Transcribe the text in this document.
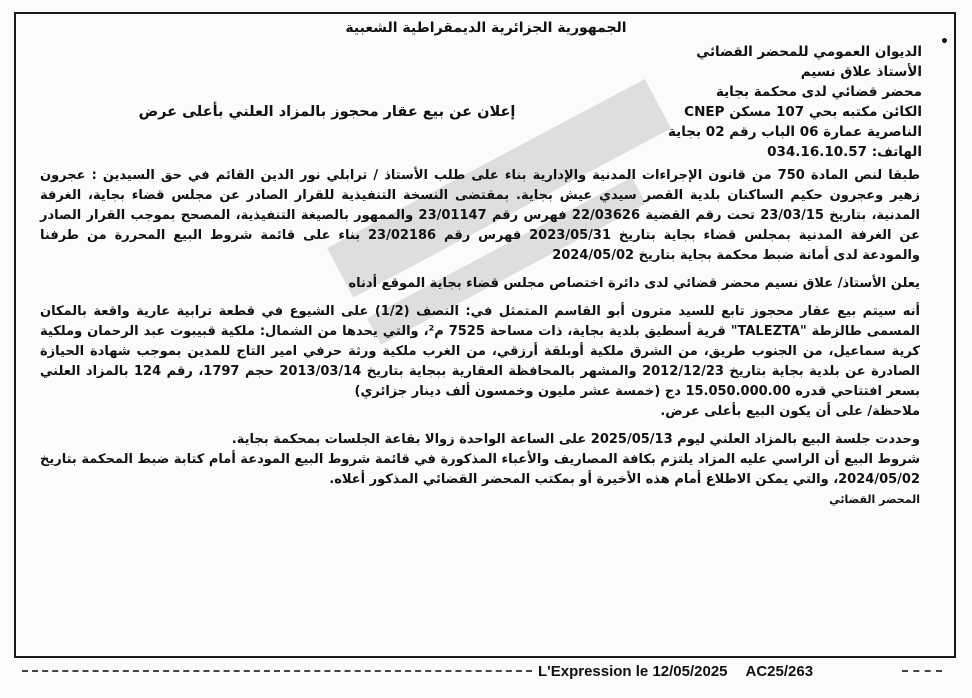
•
الجمهورية الجزائرية الديمقراطية الشعبية
الديوان العمومي للمحضر القضائي
الأستاذ علاق نسيم
محضر قضائي لدى محكمة بجاية
الكائن مكتبه بحي 107 مسكن CNEP
الناصرية عمارة 06 الباب رقم 02 بجاية
الهاتف: 034.16.10.57
إعلان عن بيع عقار محجوز بالمزاد العلني بأعلى عرض

طبقا لنص المادة 750 من قانون الإجراءات المدنية والإدارية بناء على طلب الأستاذ / ترابلي نور الدين القائم في حق السيدين : عجرون زهير وعجرون حكيم الساكنان بلدية القصر سيدي عيش بجاية. بمقتضى النسخة التنفيذية للقرار الصادر عن مجلس قضاء بجاية، الغرفة المدنية، بتاريخ 23/03/15 تحت رقم القضية 22/03626 فهرس رقم 23/01147 والممهور بالصيغة التنفيذية، المصحح بموجب القرار الصادر عن الغرفة المدنية بمجلس قضاء بجاية بتاريخ 2023/05/31 فهرس رقم 23/02186 بناء على قائمة شروط البيع المحررة من طرفنا والمودعة لدى أمانة ضبط محكمة بجاية بتاريخ 2024/05/02

يعلن الأستاذ/ علاق نسيم محضر قضائي لدى دائرة اختصاص مجلس قضاء بجاية الموقع أدناه

أنه سيتم بيع عقار محجوز تابع للسيد مترون أبو القاسم المتمثل في: النصف (1/2) على الشيوع في قطعة ترابية عارية واقعة بالمكان المسمى طالزطة "TALEZTA" قرية أسطيق بلدية بجاية، ذات مساحة 7525 م²، والتي يحدها من الشمال: ملكية قبيبوت عبد الرحمان وملكية كرية سماعيل، من الجنوب طريق، من الشرق ملكية أوبلقة أرزقي، من الغرب ملكية ورثة حرفي امير التاج للمدين بموجب شهادة الحيازة الصادرة عن بلدية بجاية بتاريخ 2012/12/23 والمشهر بالمحافظة العقارية ببجاية بتاريخ 2013/03/14 حجم 1797، رقم 124 بالمزاد العلني بسعر افتتاحي قدره 15.050.000.00 دج (خمسة عشر مليون وخمسون ألف دينار جزائري)

ملاحظة/ على أن يكون البيع بأعلى عرض.

وحددت جلسة البيع بالمزاد العلني ليوم 2025/05/13 على الساعة الواحدة زوالا بقاعة الجلسات بمحكمة بجاية.

شروط البيع أن الراسي عليه المزاد يلتزم بكافة المصاريف والأعباء المذكورة في قائمة شروط البيع المودعة أمام كتابة ضبط المحكمة بتاريخ 2024/05/02، والتي يمكن الاطلاع أمام هذه الأخيرة أو بمكتب المحضر القضائي المذكور أعلاه.

المحضر القضائي

L'Expression le 12/05/2025 AC25/263
